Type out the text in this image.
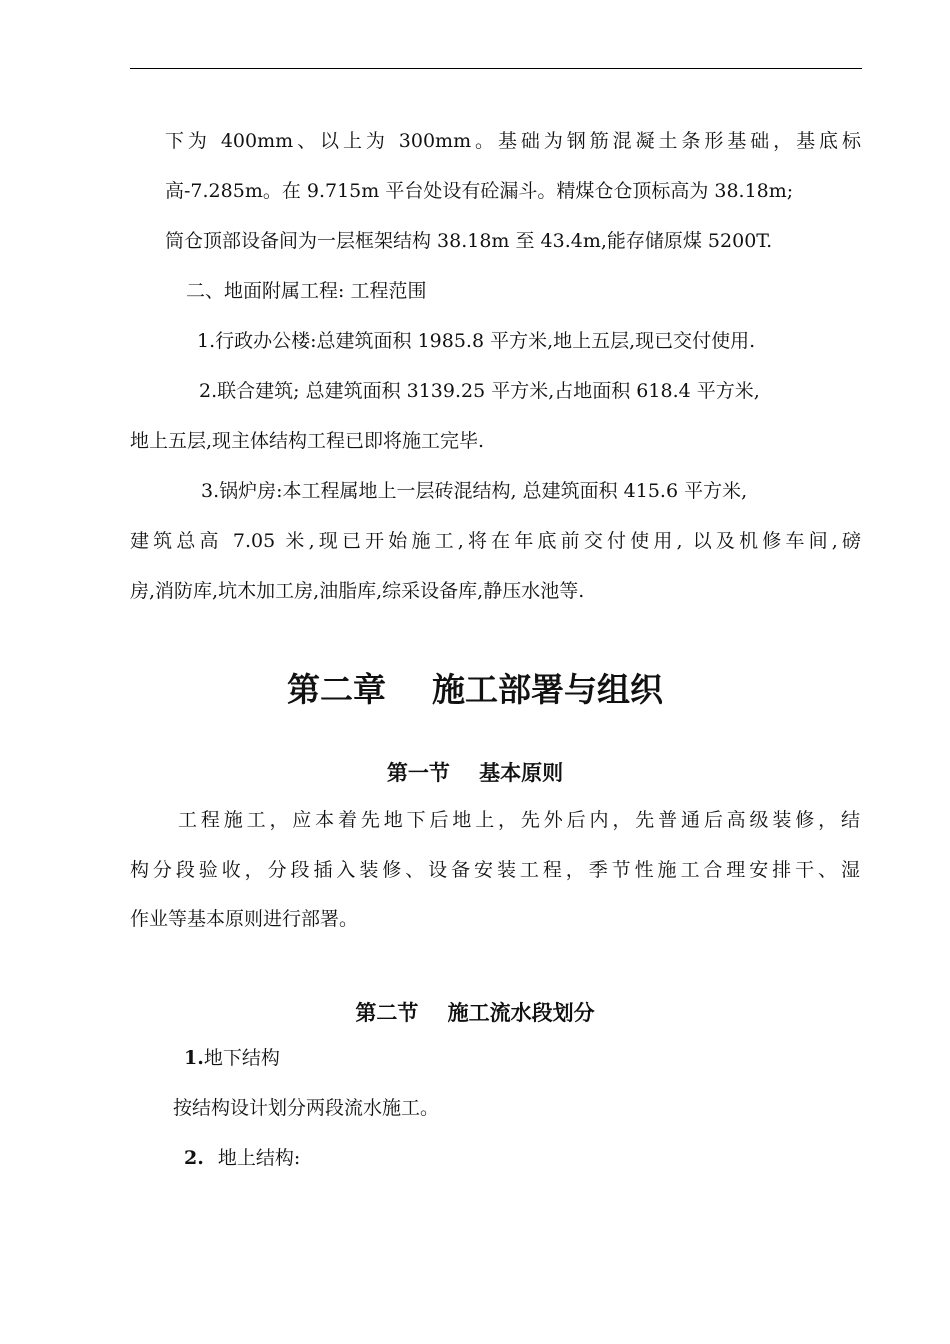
下为 400mm、以上为 300mm。基础为钢筋混凝土条形基础，基底标
高-7.285m。在 9.715m 平台处设有砼漏斗。精煤仓仓顶标高为 38.18m;
筒仓顶部设备间为一层框架结构 38.18m 至 43.4m,能存储原煤 5200T.
二、地面附属工程: 工程范围
1.行政办公楼:总建筑面积 1985.8 平方米,地上五层,现已交付使用.
2.联合建筑; 总建筑面积 3139.25 平方米,占地面积 618.4 平方米,
地上五层,现主体结构工程已即将施工完毕.
3.锅炉房:本工程属地上一层砖混结构, 总建筑面积 415.6 平方米,
建筑总高 7.05 米,现已开始施工,将在年底前交付使用, 以及机修车间,磅
房,消防库,坑木加工房,油脂库,综采设备库,静压水池等.
第二章    施工部署与组织
第一节    基本原则
工程施工，应本着先地下后地上，先外后内，先普通后高级装修，结
构分段验收，分段插入装修、设备安装工程，季节性施工合理安排干、湿
作业等基本原则进行部署。
第二节    施工流水段划分
1.地下结构
按结构设计划分两段流水施工。
2. 地上结构:
